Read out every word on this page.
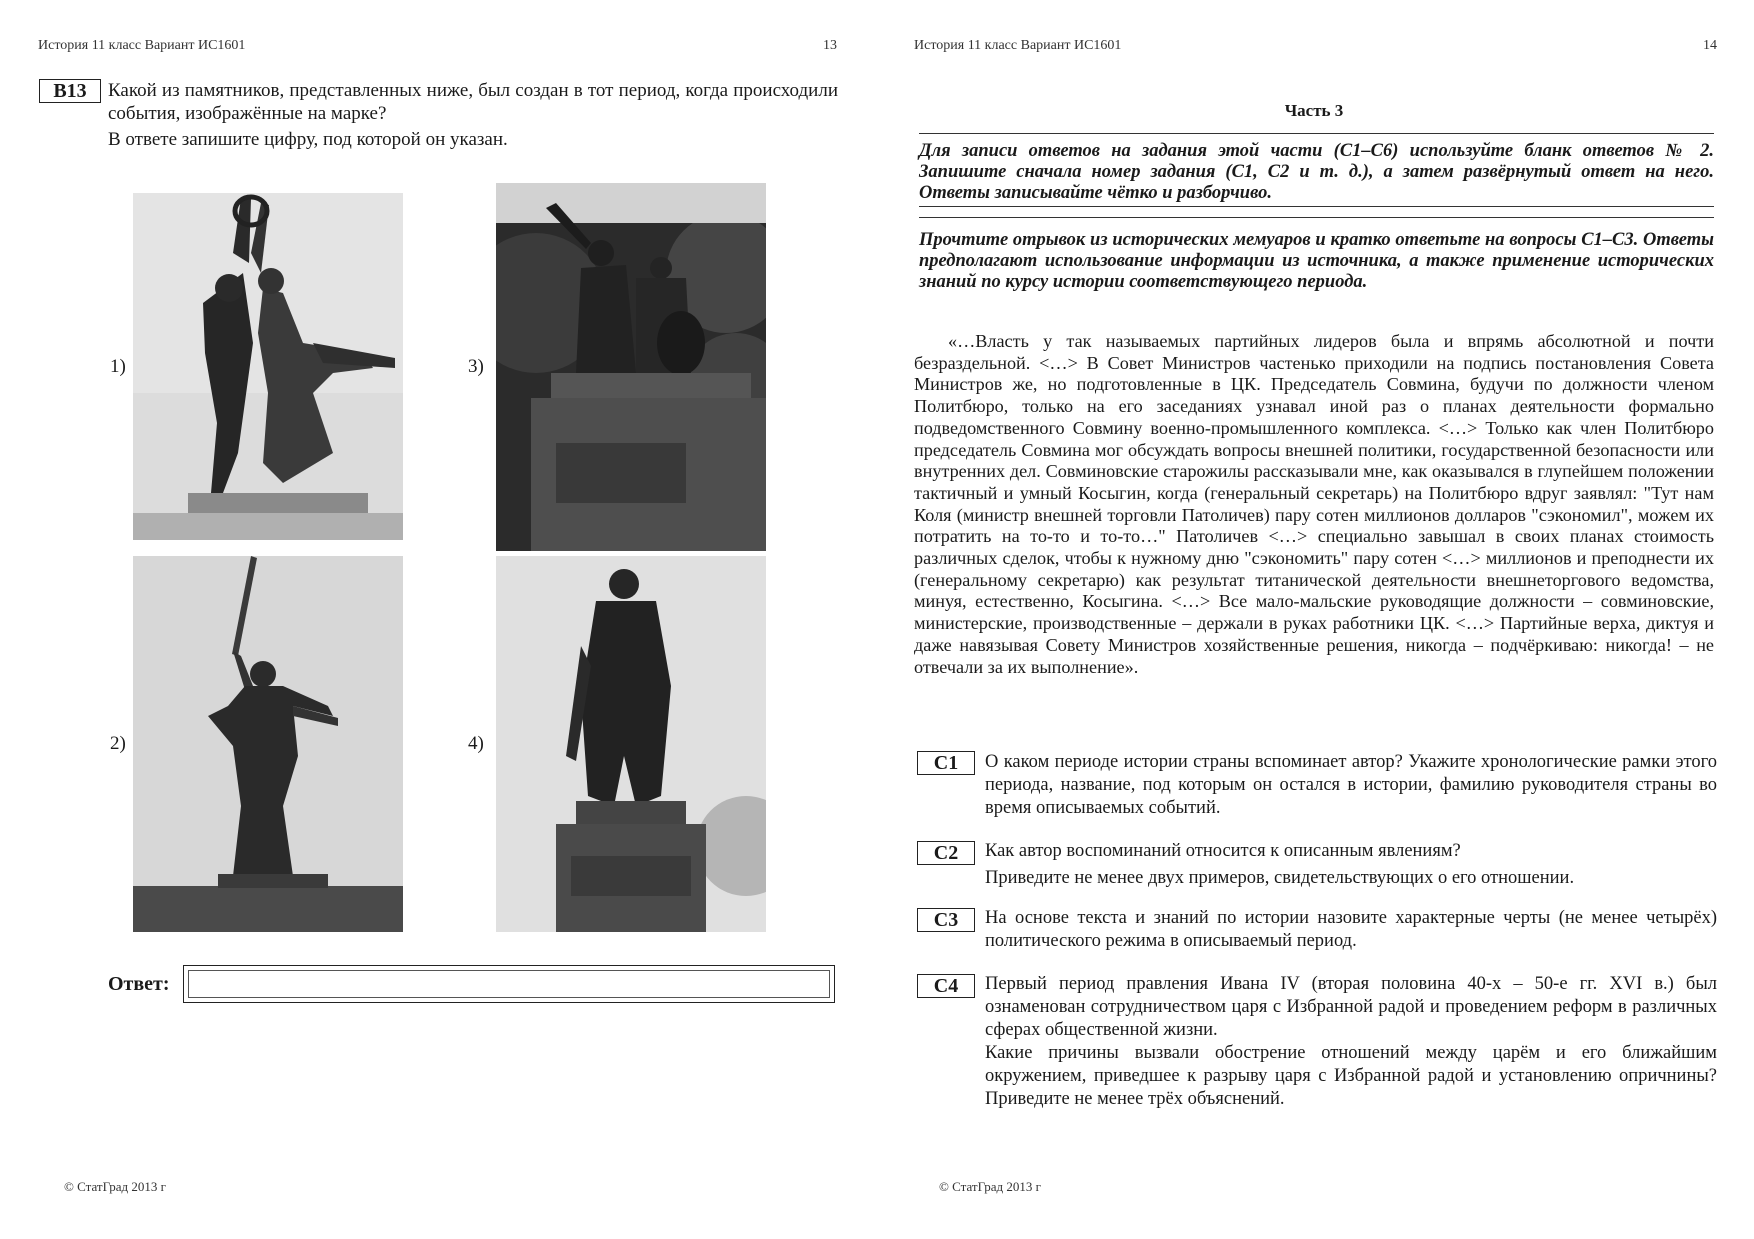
История 11 класс Вариант ИС1601	13
B13	Какой из памятников, представленных ниже, был создан в тот период, когда происходили события, изображённые на марке?
В ответе запишите цифру, под которой он указан.
1)
2)
3)
4)
Ответ:
© СтатГрад 2013 г
История 11 класс Вариант ИС1601	14
Часть 3
Для записи ответов на задания этой части (С1–С6) используйте бланк ответов № 2. Запишите сначала номер задания (С1, С2 и т. д.), а затем развёрнутый ответ на него. Ответы записывайте чётко и разборчиво.
Прочтите отрывок из исторических мемуаров и кратко ответьте на вопросы С1–С3. Ответы предполагают использование информации из источника, а также применение исторических знаний по курсу истории соответствующего периода.
«…Власть у так называемых партийных лидеров была и впрямь абсолютной и почти безраздельной. <…> В Совет Министров частенько приходили на подпись постановления Совета Министров же, но подготовленные в ЦК. Председатель Совмина, будучи по должности членом Политбюро, только на его заседаниях узнавал иной раз о планах деятельности формально подведомственного Совмину военно-промышленного комплекса. <…> Только как член Политбюро председатель Совмина мог обсуждать вопросы внешней политики, государственной безопасности или внутренних дел. Совминовские старожилы рассказывали мне, как оказывался в глупейшем положении тактичный и умный Косыгин, когда (генеральный секретарь) на Политбюро вдруг заявлял: "Тут нам Коля (министр внешней торговли Патоличев) пару сотен миллионов долларов "сэкономил", можем их потратить на то-то и то-то…" Патоличев <…> специально завышал в своих планах стоимость различных сделок, чтобы к нужному дню "сэкономить" пару сотен <…> миллионов и преподнести их (генеральному секретарю) как результат титанической деятельности внешнеторгового ведомства, минуя, естественно, Косыгина. <…> Все мало-мальские руководящие должности – совминовские, министерские, производственные – держали в руках работники ЦК. <…> Партийные верха, диктуя и даже навязывая Совету Министров хозяйственные решения, никогда – подчёркиваю: никогда! – не отвечали за их выполнение».
С1	О каком периоде истории страны вспоминает автор? Укажите хронологические рамки этого периода, название, под которым он остался в истории, фамилию руководителя страны во время описываемых событий.

С2	Как автор воспоминаний относится к описанным явлениям?

Приведите не менее двух примеров, свидетельствующих о его отношении.

С3	На основе текста и знаний по истории назовите характерные черты (не менее четырёх) политического режима в описываемый период.

С4	Первый период правления Ивана IV (вторая половина 40-х – 50-е гг. XVI в.) был ознаменован сотрудничеством царя с Избранной радой и проведением реформ в различных сферах общественной жизни.

Какие причины вызвали обострение отношений между царём и его ближайшим окружением, приведшее к разрыву царя с Избранной радой и установлению опричнины? Приведите не менее трёх объяснений.

© СтатГрад 2013 г
